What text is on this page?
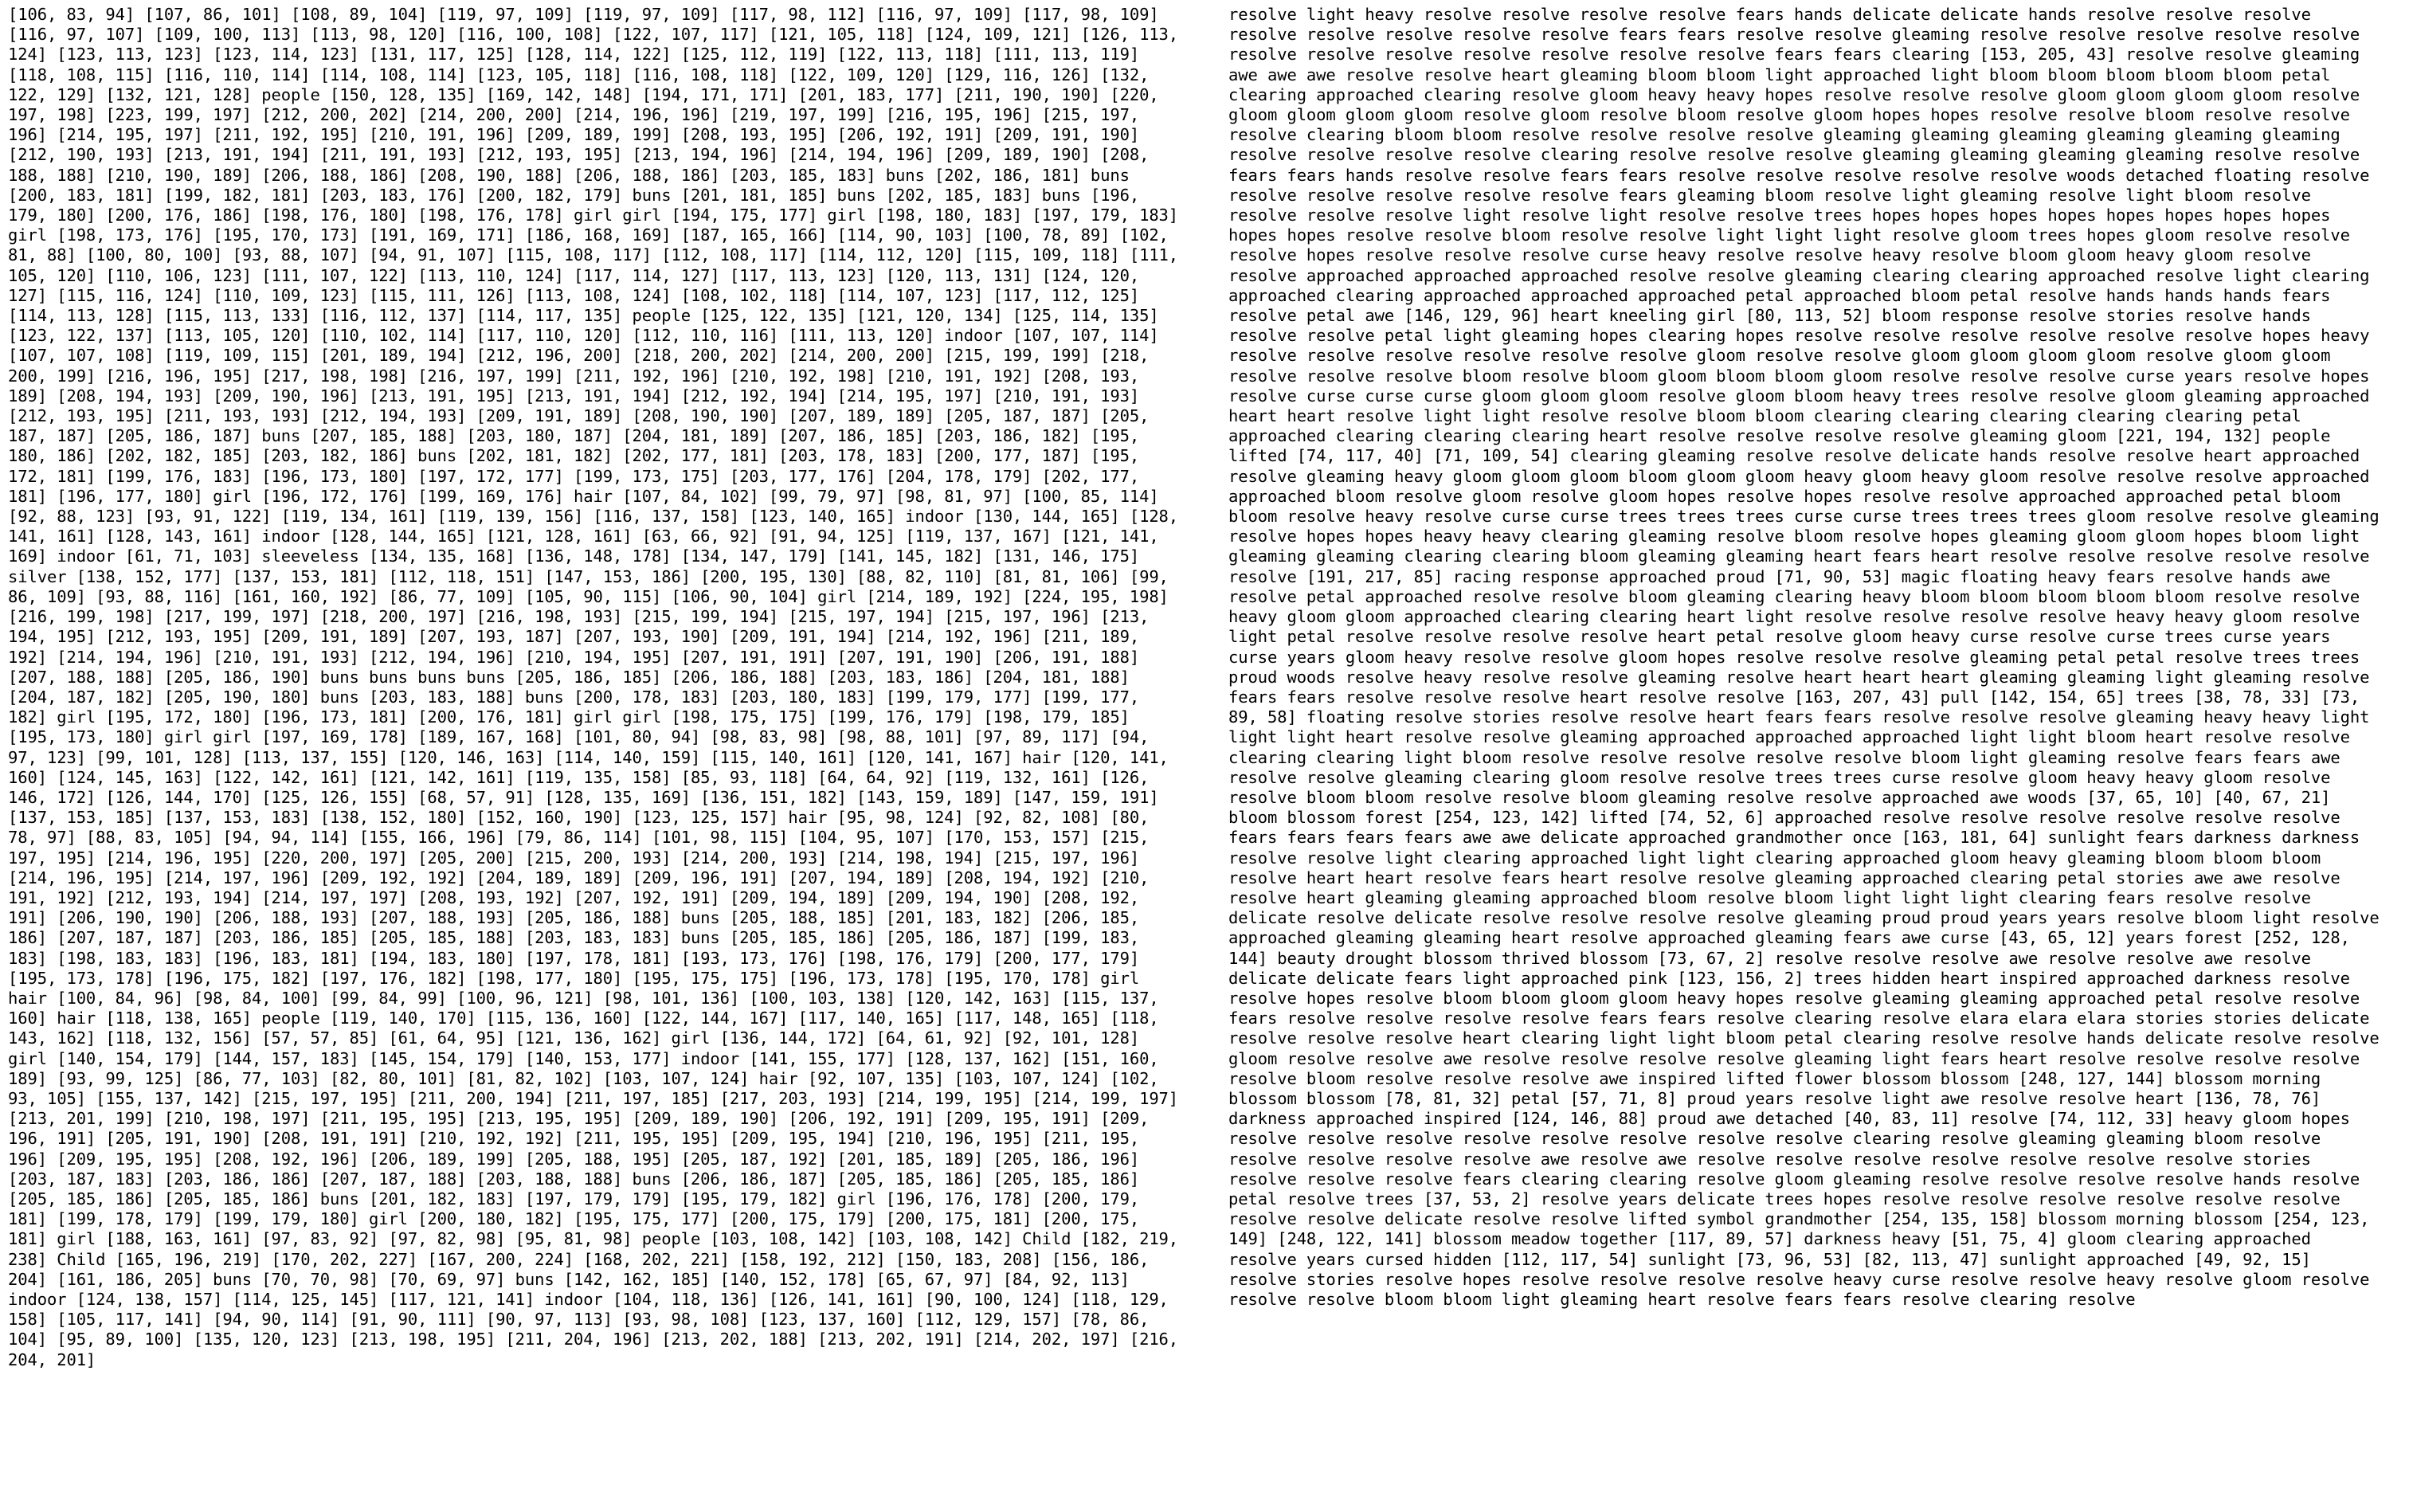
[106, 83, 94] [107, 86, 101] [108, 89, 104] [119, 97, 109] [119, 97, 109] [117, 98, 112] [116, 97, 109] [117, 98, 109] [116, 97, 107] [109, 100, 113] [113, 98, 120] [116, 100, 108] [122, 107, 117] [121, 105, 118] [124, 109, 121] [126, 113, 124] [123, 113, 123] [123, 114, 123] [131, 117, 125] [128, 114, 122] [125, 112, 119] [122, 113, 118] [111, 113, 119] [118, 108, 115] [116, 110, 114] [114, 108, 114] [123, 105, 118] [116, 108, 118] [122, 109, 120] [129, 116, 126] [132, 122, 129] [132, 121, 128] people [150, 128, 135] [169, 142, 148] [194, 171, 171] [201, 183, 177] [211, 190, 190] [220, 197, 198] [223, 199, 197] [212, 200, 202] [214, 200, 200] [214, 196, 196] [219, 197, 199] [216, 195, 196] [215, 197, 196] [214, 195, 197] [211, 192, 195] [210, 191, 196] [209, 189, 199] [208, 193, 195] [206, 192, 191] [209, 191, 190] [212, 190, 193] [213, 191, 194] [211, 191, 193] [212, 193, 195] [213, 194, 196] [214, 194, 196] [209, 189, 190] [208, 188, 188] [210, 190, 189] [206, 188, 186] [208, 190, 188] [206, 188, 186] [203, 185, 183] buns [202, 186, 181] buns [200, 183, 181] [199, 182, 181] [203, 183, 176] [200, 182, 179] buns [201, 181, 185] buns [202, 185, 183] buns [196, 179, 180] [200, 176, 186] [198, 176, 180] [198, 176, 178] girl girl [194, 175, 177] girl [198, 180, 183] [197, 179, 183] girl [198, 173, 176] [195, 170, 173] [191, 169, 171] [186, 168, 169] [187, 165, 166] [114, 90, 103] [100, 78, 89] [102, 81, 88] [100, 80, 100] [93, 88, 107] [94, 91, 107] [115, 108, 117] [112, 108, 117] [114, 112, 120] [115, 109, 118] [111, 105, 120] [110, 106, 123] [111, 107, 122] [113, 110, 124] [117, 114, 127] [117, 113, 123] [120, 113, 131] [124, 120, 127] [115, 116, 124] [110, 109, 123] [115, 111, 126] [113, 108, 124] [108, 102, 118] [114, 107, 123] [117, 112, 125] [114, 113, 128] [115, 113, 133] [116, 112, 137] [114, 117, 135] people [125, 122, 135] [121, 120, 134] [125, 114, 135] [123, 122, 137] [113, 105, 120] [110, 102, 114] [117, 110, 120] [112, 110, 116] [111, 113, 120] indoor [107, 107, 114] [107, 107, 108] [119, 109, 115] [201, 189, 194] [212, 196, 200] [218, 200, 202] [214, 200, 200] [215, 199, 199] [218, 200, 199] [216, 196, 195] [217, 198, 198] [216, 197, 199] [211, 192, 196] [210, 192, 198] [210, 191, 192] [208, 193, 189] [208, 194, 193] [209, 190, 196] [213, 191, 195] [213, 191, 194] [212, 192, 194] [214, 195, 197] [210, 191, 193] [212, 193, 195] [211, 193, 193] [212, 194, 193] [209, 191, 189] [208, 190, 190] [207, 189, 189] [205, 187, 187] [205, 187, 187] [205, 186, 187] buns [207, 185, 188] [203, 180, 187] [204, 181, 189] [207, 186, 185] [203, 186, 182] [195, 180, 186] [202, 182, 185] [203, 182, 186] buns [202, 181, 182] [202, 177, 181] [203, 178, 183] [200, 177, 187] [195, 172, 181] [199, 176, 183] [196, 173, 180] [197, 172, 177] [199, 173, 175] [203, 177, 176] [204, 178, 179] [202, 177, 181] [196, 177, 180] girl [196, 172, 176] [199, 169, 176] hair [107, 84, 102] [99, 79, 97] [98, 81, 97] [100, 85, 114] [92, 88, 123] [93, 91, 122] [119, 134, 161] [119, 139, 156] [116, 137, 158] [123, 140, 165] indoor [130, 144, 165] [128, 141, 161] [128, 143, 161] indoor [128, 144, 165] [121, 128, 161] [63, 66, 92] [91, 94, 125] [119, 137, 167] [121, 141, 169] indoor [61, 71, 103] sleeveless [134, 135, 168] [136, 148, 178] [134, 147, 179] [141, 145, 182] [131, 146, 175] silver [138, 152, 177] [137, 153, 181] [112, 118, 151] [147, 153, 186] [200, 195, 130] [88, 82, 110] [81, 81, 106] [99, 86, 109] [93, 88, 116] [161, 160, 192] [86, 77, 109] [105, 90, 115] [106, 90, 104] girl [214, 189, 192] [224, 195, 198] [216, 199, 198] [217, 199, 197] [218, 200, 197] [216, 198, 193] [215, 199, 194] [215, 197, 194] [215, 197, 196] [213, 194, 195] [212, 193, 195] [209, 191, 189] [207, 193, 187] [207, 193, 190] [209, 191, 194] [214, 192, 196] [211, 189, 192] [214, 194, 196] [210, 191, 193] [212, 194, 196] [210, 194, 195] [207, 191, 191] [207, 191, 190] [206, 191, 188] [207, 188, 188] [205, 186, 190] buns buns buns buns [205, 186, 185] [206, 186, 188] [203, 183, 186] [204, 181, 188] [204, 187, 182] [205, 190, 180] buns [203, 183, 188] buns [200, 178, 183] [203, 180, 183] [199, 179, 177] [199, 177, 182] girl [195, 172, 180] [196, 173, 181] [200, 176, 181] girl girl [198, 175, 175] [199, 176, 179] [198, 179, 185] [195, 173, 180] girl girl [197, 169, 178] [189, 167, 168] [101, 80, 94] [98, 83, 98] [98, 88, 101] [97, 89, 117] [94, 97, 123] [99, 101, 128] [113, 137, 155] [120, 146, 163] [114, 140, 159] [115, 140, 161] [120, 141, 167] hair [120, 141, 160] [124, 145, 163] [122, 142, 161] [121, 142, 161] [119, 135, 158] [85, 93, 118] [64, 64, 92] [119, 132, 161] [126, 146, 172] [126, 144, 170] [125, 126, 155] [68, 57, 91] [128, 135, 169] [136, 151, 182] [143, 159, 189] [147, 159, 191] [137, 153, 185] [137, 153, 183] [138, 152, 180] [152, 160, 190] [123, 125, 157] hair [95, 98, 124] [92, 82, 108] [80, 78, 97] [88, 83, 105] [94, 94, 114] [155, 166, 196] [79, 86, 114] [101, 98, 115] [104, 95, 107] [170, 153, 157] [215, 197, 195] [214, 196, 195] [220, 200, 197] [205, 200] [215, 200, 193] [214, 200, 193] [214, 198, 194] [215, 197, 196] [214, 196, 195] [214, 197, 196] [209, 192, 192] [204, 189, 189] [209, 196, 191] [207, 194, 189] [208, 194, 192] [210, 191, 192] [212, 193, 194] [214, 197, 197] [208, 193, 192] [207, 192, 191] [209, 194, 189] [209, 194, 190] [208, 192, 191] [206, 190, 190] [206, 188, 193] [207, 188, 193] [205, 186, 188] buns [205, 188, 185] [201, 183, 182] [206, 185, 186] [207, 187, 187] [203, 186, 185] [205, 185, 188] [203, 183, 183] buns [205, 185, 186] [205, 186, 187] [199, 183, 183] [198, 183, 183] [196, 183, 181] [194, 183, 180] [197, 178, 181] [193, 173, 176] [198, 176, 179] [200, 177, 179] [195, 173, 178] [196, 175, 182] [197, 176, 182] [198, 177, 180] [195, 175, 175] [196, 173, 178] [195, 170, 178] girl hair [100, 84, 96] [98, 84, 100] [99, 84, 99] [100, 96, 121] [98, 101, 136] [100, 103, 138] [120, 142, 163] [115, 137, 160] hair [118, 138, 165] people [119, 140, 170] [115, 136, 160] [122, 144, 167] [117, 140, 165] [117, 148, 165] [118, 143, 162] [118, 132, 156] [57, 57, 85] [61, 64, 95] [121, 136, 162] girl [136, 144, 172] [64, 61, 92] [92, 101, 128] girl [140, 154, 179] [144, 157, 183] [145, 154, 179] [140, 153, 177] indoor [141, 155, 177] [128, 137, 162] [151, 160, 189] [93, 99, 125] [86, 77, 103] [82, 80, 101] [81, 82, 102] [103, 107, 124] hair [92, 107, 135] [103, 107, 124] [102, 93, 105] [155, 137, 142] [215, 197, 195] [211, 200, 194] [211, 197, 185] [217, 203, 193] [214, 199, 195] [214, 199, 197] [213, 201, 199] [210, 198, 197] [211, 195, 195] [213, 195, 195] [209, 189, 190] [206, 192, 191] [209, 195, 191] [209, 196, 191] [205, 191, 190] [208, 191, 191] [210, 192, 192] [211, 195, 195] [209, 195, 194] [210, 196, 195] [211, 195, 196] [209, 195, 195] [208, 192, 196] [206, 189, 199] [205, 188, 195] [205, 187, 192] [201, 185, 189] [205, 186, 196] [203, 187, 183] [203, 186, 186] [207, 187, 188] [203, 188, 188] buns [206, 186, 187] [205, 185, 186] [205, 185, 186] [205, 185, 186] [205, 185, 186] buns [201, 182, 183] [197, 179, 179] [195, 179, 182] girl [196, 176, 178] [200, 179, 181] [199, 178, 179] [199, 179, 180] girl [200, 180, 182] [195, 175, 177] [200, 175, 179] [200, 175, 181] [200, 175, 181] girl [188, 163, 161] [97, 83, 92] [97, 82, 98] [95, 81, 98] people [103, 108, 142] [103, 108, 142] Child [182, 219, 238] Child [165, 196, 219] [170, 202, 227] [167, 200, 224] [168, 202, 221] [158, 192, 212] [150, 183, 208] [156, 186, 204] [161, 186, 205] buns [70, 70, 98] [70, 69, 97] buns [142, 162, 185] [140, 152, 178] [65, 67, 97] [84, 92, 113] indoor [124, 138, 157] [114, 125, 145] [117, 121, 141] indoor [104, 118, 136] [126, 141, 161] [90, 100, 124] [118, 129, 158] [105, 117, 141] [94, 90, 114] [91, 90, 111] [90, 97, 113] [93, 98, 108] [123, 137, 160] [112, 129, 157] [78, 86, 104] [95, 89, 100] [135, 120, 123] [213, 198, 195] [211, 204, 196] [213, 202, 188] [213, 202, 191] [214, 202, 197] [216, 204, 201]
resolve light heavy resolve resolve resolve resolve fears hands delicate delicate hands resolve resolve resolve resolve resolve resolve resolve resolve fears fears resolve resolve gleaming resolve resolve resolve resolve resolve resolve resolve resolve resolve resolve resolve resolve fears fears clearing [153, 205, 43] resolve resolve gleaming awe awe awe resolve resolve heart gleaming bloom bloom light approached light bloom bloom bloom bloom bloom petal clearing approached clearing resolve gloom heavy heavy hopes resolve resolve resolve gloom gloom gloom gloom resolve gloom gloom gloom gloom resolve gloom resolve bloom resolve gloom hopes hopes resolve resolve bloom resolve resolve resolve clearing bloom bloom resolve resolve resolve resolve gleaming gleaming gleaming gleaming gleaming gleaming resolve resolve resolve resolve clearing resolve resolve resolve gleaming gleaming gleaming gleaming resolve resolve fears fears hands resolve resolve fears fears resolve resolve resolve resolve resolve woods detached floating resolve resolve resolve resolve resolve resolve fears gleaming bloom resolve light gleaming resolve light bloom resolve resolve resolve resolve light resolve light resolve resolve trees hopes hopes hopes hopes hopes hopes hopes hopes hopes hopes resolve resolve bloom resolve resolve light light light resolve gloom trees hopes gloom resolve resolve resolve hopes resolve resolve resolve curse heavy resolve resolve heavy resolve bloom gloom heavy gloom resolve resolve approached approached approached resolve resolve gleaming clearing clearing approached resolve light clearing approached clearing approached approached approached petal approached bloom petal resolve hands hands hands fears resolve petal awe [146, 129, 96] heart kneeling girl [80, 113, 52] bloom response resolve stories resolve hands resolve resolve petal light gleaming hopes clearing hopes resolve resolve resolve resolve resolve resolve hopes heavy resolve resolve resolve resolve resolve resolve gloom resolve resolve gloom gloom gloom gloom resolve gloom gloom resolve resolve resolve bloom resolve bloom gloom bloom bloom gloom resolve resolve resolve curse years resolve hopes resolve curse curse curse gloom gloom gloom resolve gloom bloom heavy trees resolve resolve gloom gleaming approached heart heart resolve light light resolve resolve bloom bloom clearing clearing clearing clearing clearing petal approached clearing clearing clearing heart resolve resolve resolve resolve gleaming gloom [221, 194, 132] people lifted [74, 117, 40] [71, 109, 54] clearing gleaming resolve resolve delicate hands resolve resolve heart approached resolve gleaming heavy gloom gloom gloom bloom gloom gloom heavy gloom heavy gloom resolve resolve resolve approached approached bloom resolve gloom resolve gloom hopes resolve hopes resolve resolve approached approached petal bloom bloom resolve heavy resolve curse curse trees trees trees curse curse trees trees trees gloom resolve resolve gleaming resolve hopes hopes heavy heavy clearing gleaming resolve bloom resolve hopes gleaming gloom gloom hopes bloom light gleaming gleaming clearing clearing bloom gleaming gleaming heart fears heart resolve resolve resolve resolve resolve resolve [191, 217, 85] racing response approached proud [71, 90, 53] magic floating heavy fears resolve hands awe resolve petal approached resolve resolve bloom gleaming clearing heavy bloom bloom bloom bloom bloom resolve resolve heavy gloom gloom approached clearing clearing heart light resolve resolve resolve resolve heavy heavy gloom resolve light petal resolve resolve resolve resolve heart petal resolve gloom heavy curse resolve curse trees curse years curse years gloom heavy resolve resolve gloom hopes resolve resolve resolve gleaming petal petal resolve trees trees proud woods resolve heavy resolve resolve gleaming resolve heart heart heart gleaming gleaming light gleaming resolve fears fears resolve resolve resolve heart resolve resolve [163, 207, 43] pull [142, 154, 65] trees [38, 78, 33] [73, 89, 58] floating resolve stories resolve resolve heart fears fears resolve resolve resolve gleaming heavy heavy light light light heart resolve resolve gleaming approached approached approached light light bloom heart resolve resolve clearing clearing light bloom resolve resolve resolve resolve resolve bloom light gleaming resolve fears fears awe resolve resolve gleaming clearing gloom resolve resolve trees trees curse resolve gloom heavy heavy gloom resolve resolve bloom bloom resolve resolve bloom gleaming resolve resolve approached awe woods [37, 65, 10] [40, 67, 21] bloom blossom forest [254, 123, 142] lifted [74, 52, 6] approached resolve resolve resolve resolve resolve resolve fears fears fears fears awe awe delicate approached grandmother once [163, 181, 64] sunlight fears darkness darkness resolve resolve light clearing approached light light clearing approached gloom heavy gleaming bloom bloom bloom resolve heart heart resolve fears heart resolve resolve gleaming approached clearing petal stories awe awe resolve resolve heart gleaming gleaming approached bloom resolve bloom light light light clearing fears resolve resolve delicate resolve delicate resolve resolve resolve resolve gleaming proud proud years years resolve bloom light resolve approached gleaming gleaming heart resolve approached gleaming fears awe curse [43, 65, 12] years forest [252, 128, 144] beauty drought blossom thrived blossom [73, 67, 2] resolve resolve resolve awe resolve resolve awe resolve delicate delicate fears light approached pink [123, 156, 2] trees hidden heart inspired approached darkness resolve resolve hopes resolve bloom bloom gloom gloom heavy hopes resolve gleaming gleaming approached petal resolve resolve fears resolve resolve resolve resolve fears fears resolve clearing resolve elara elara elara stories stories delicate resolve resolve resolve heart clearing light light bloom petal clearing resolve resolve hands delicate resolve resolve gloom resolve resolve awe resolve resolve resolve resolve gleaming light fears heart resolve resolve resolve resolve resolve bloom resolve resolve resolve awe inspired lifted flower blossom blossom [248, 127, 144] blossom morning blossom blossom [78, 81, 32] petal [57, 71, 8] proud years resolve light awe resolve resolve heart [136, 78, 76] darkness approached inspired [124, 146, 88] proud awe detached [40, 83, 11] resolve [74, 112, 33] heavy gloom hopes resolve resolve resolve resolve resolve resolve resolve resolve clearing resolve gleaming gleaming bloom resolve resolve resolve resolve resolve awe resolve awe resolve resolve resolve resolve resolve resolve resolve stories resolve resolve resolve fears clearing clearing resolve gloom gleaming resolve resolve resolve resolve hands resolve petal resolve trees [37, 53, 2] resolve years delicate trees hopes resolve resolve resolve resolve resolve resolve resolve resolve delicate resolve resolve lifted symbol grandmother [254, 135, 158] blossom morning blossom [254, 123, 149] [248, 122, 141] blossom meadow together [117, 89, 57] darkness heavy [51, 75, 4] gloom clearing approached resolve years cursed hidden [112, 117, 54] sunlight [73, 96, 53] [82, 113, 47] sunlight approached [49, 92, 15] resolve stories resolve hopes resolve resolve resolve resolve heavy curse resolve resolve heavy resolve gloom resolve resolve resolve bloom bloom light gleaming heart resolve fears fears resolve clearing resolve
